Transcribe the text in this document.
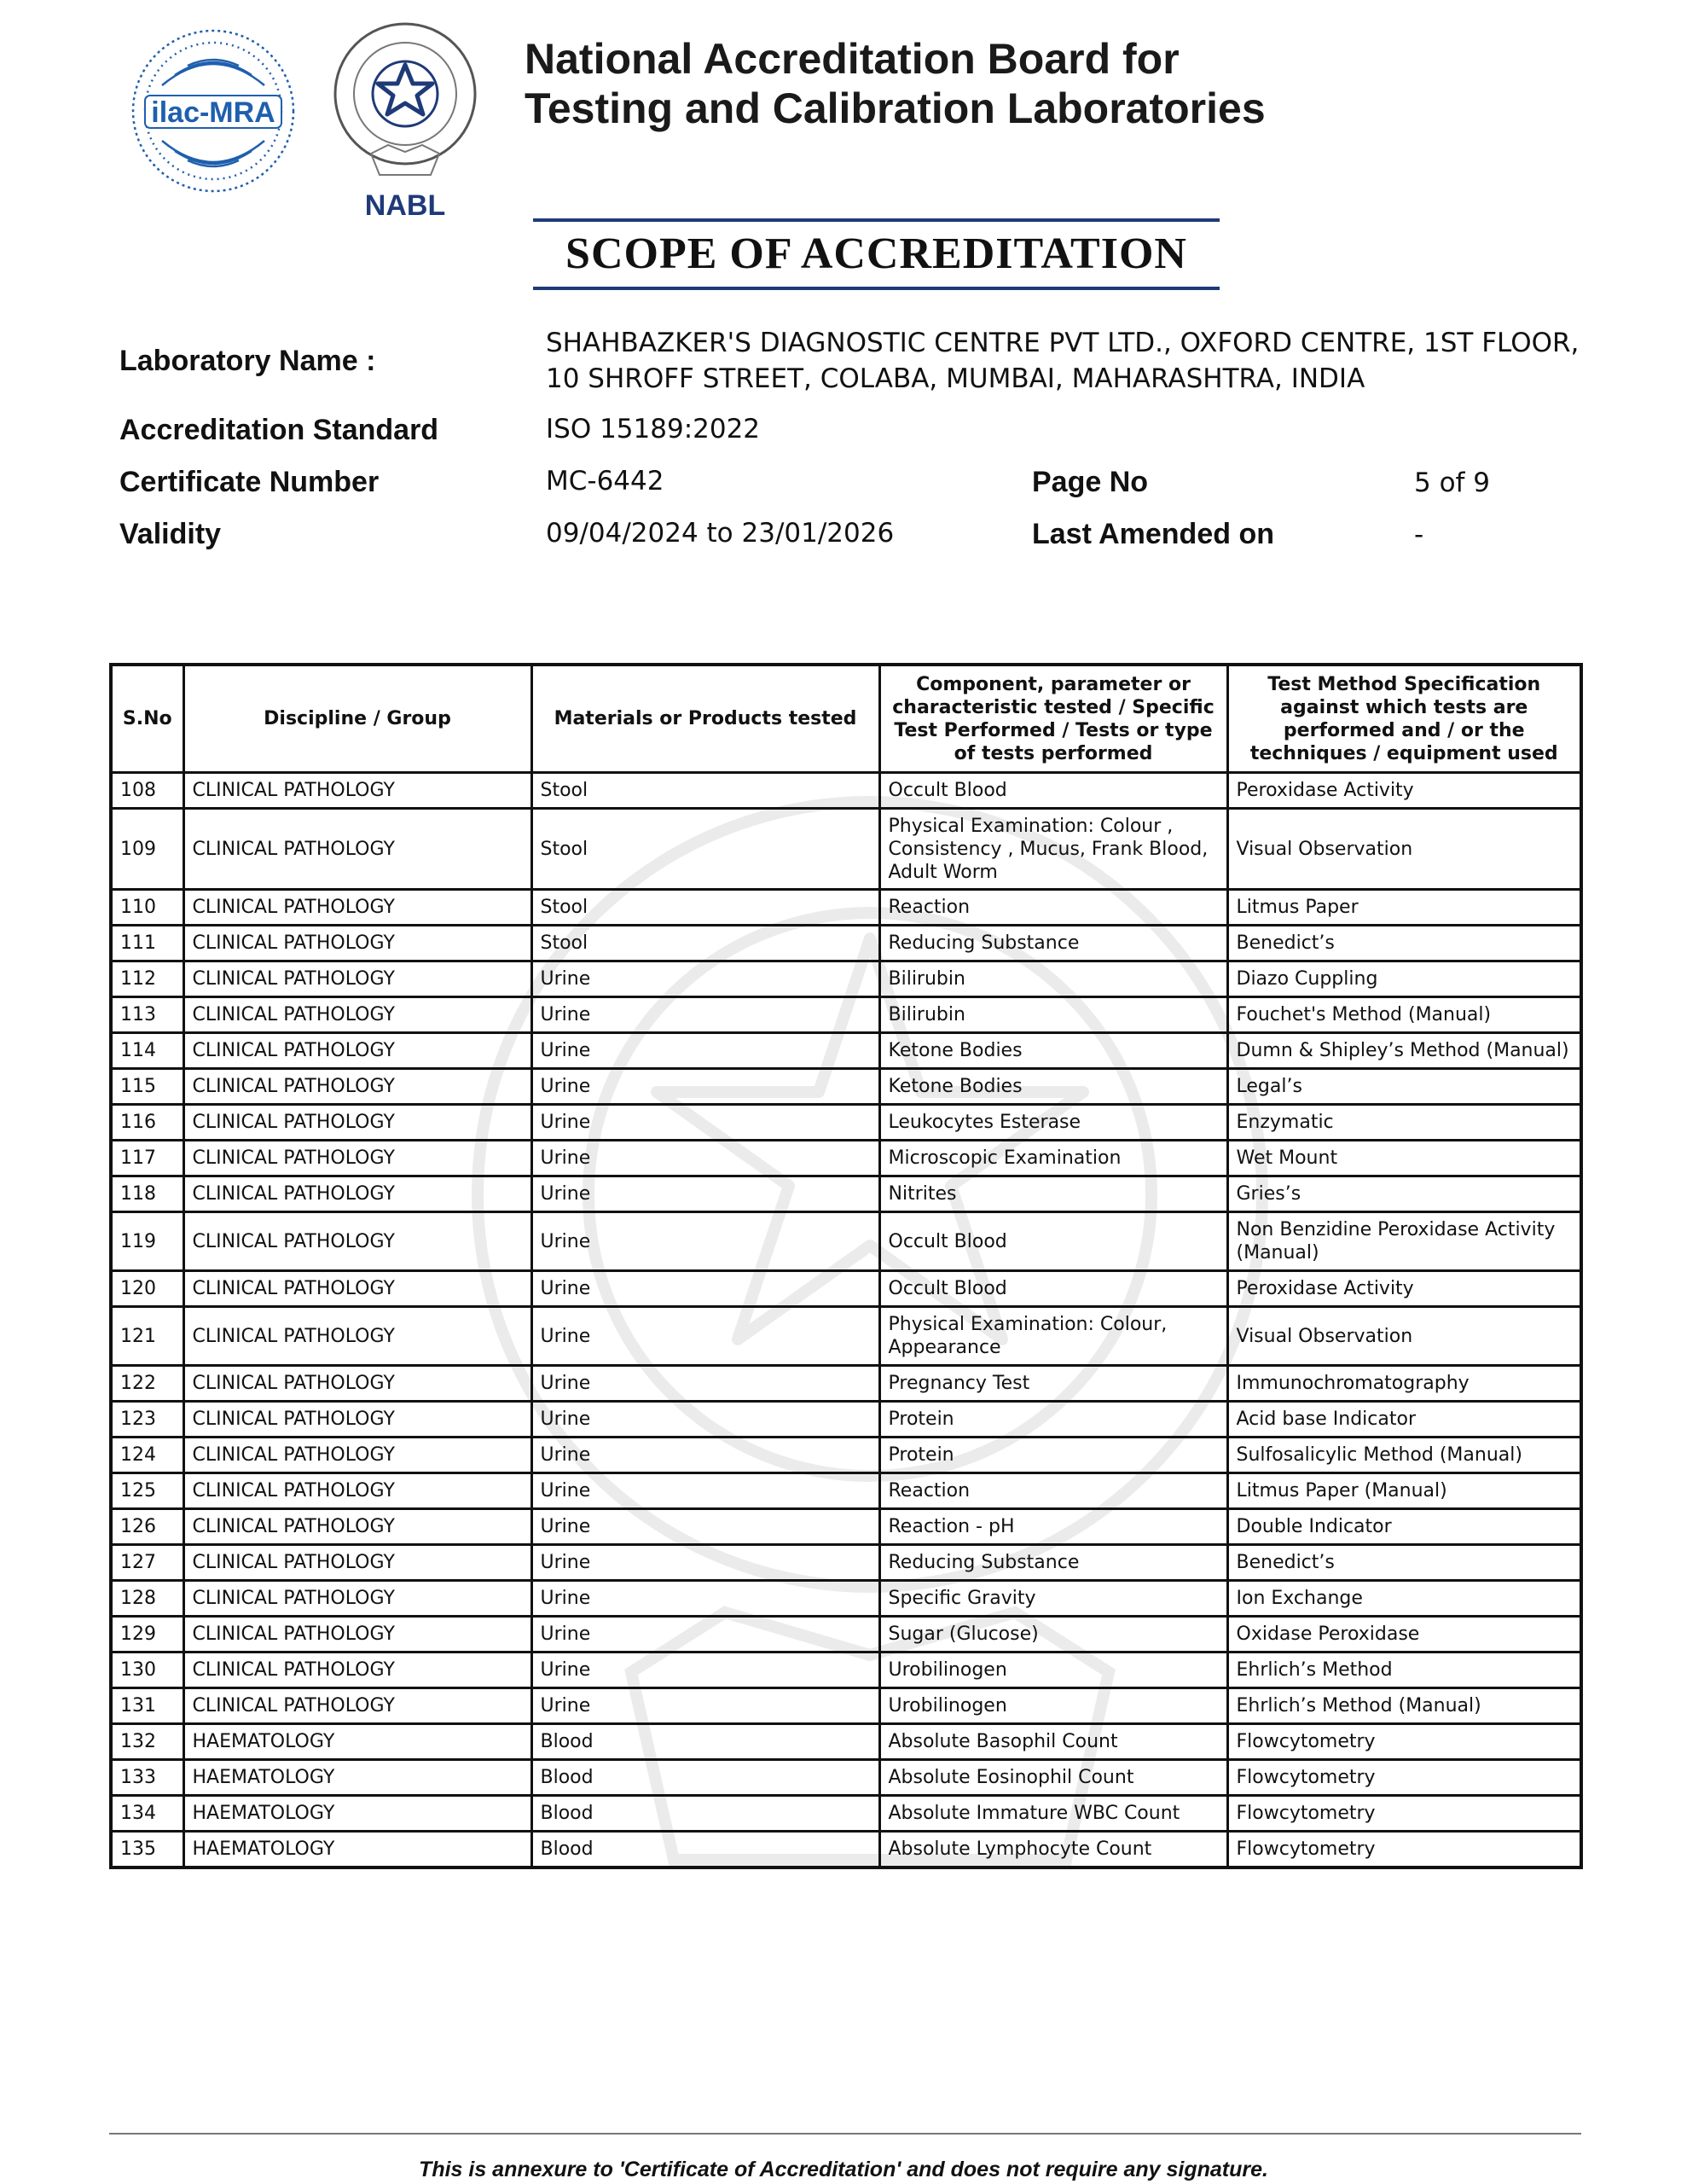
ilac-MRA
NABL
National Accreditation Board for
Testing and Calibration Laboratories
SCOPE OF ACCREDITATION
Laboratory Name :
SHAHBAZKER'S DIAGNOSTIC CENTRE PVT LTD., OXFORD CENTRE, 1ST FLOOR,
10 SHROFF STREET, COLABA, MUMBAI, MAHARASHTRA, INDIA
Accreditation Standard	ISO 15189:2022
Certificate Number	MC-6442	Page No	5 of 9
Validity	09/04/2024 to 23/01/2026	Last Amended on	-
S.No	Discipline / Group	Materials or Products tested	Component, parameter or characteristic tested / Specific Test Performed / Tests or type of tests performed	Test Method Specification against which tests are performed and / or the techniques / equipment used
108	CLINICAL PATHOLOGY	Stool	Occult Blood	Peroxidase Activity
109	CLINICAL PATHOLOGY	Stool	Physical Examination: Colour , Consistency , Mucus, Frank Blood, Adult Worm	Visual Observation
110	CLINICAL PATHOLOGY	Stool	Reaction	Litmus Paper
111	CLINICAL PATHOLOGY	Stool	Reducing Substance	Benedict’s
112	CLINICAL PATHOLOGY	Urine	Bilirubin	Diazo Cuppling
113	CLINICAL PATHOLOGY	Urine	Bilirubin	Fouchet's Method (Manual)
114	CLINICAL PATHOLOGY	Urine	Ketone Bodies	Dumn & Shipley’s Method (Manual)
115	CLINICAL PATHOLOGY	Urine	Ketone Bodies	Legal’s
116	CLINICAL PATHOLOGY	Urine	Leukocytes Esterase	Enzymatic
117	CLINICAL PATHOLOGY	Urine	Microscopic Examination	Wet Mount
118	CLINICAL PATHOLOGY	Urine	Nitrites	Gries’s
119	CLINICAL PATHOLOGY	Urine	Occult Blood	Non Benzidine Peroxidase Activity (Manual)
120	CLINICAL PATHOLOGY	Urine	Occult Blood	Peroxidase Activity
121	CLINICAL PATHOLOGY	Urine	Physical Examination: Colour, Appearance	Visual Observation
122	CLINICAL PATHOLOGY	Urine	Pregnancy Test	Immunochromatography
123	CLINICAL PATHOLOGY	Urine	Protein	Acid base Indicator
124	CLINICAL PATHOLOGY	Urine	Protein	Sulfosalicylic Method (Manual)
125	CLINICAL PATHOLOGY	Urine	Reaction	Litmus Paper (Manual)
126	CLINICAL PATHOLOGY	Urine	Reaction - pH	Double Indicator
127	CLINICAL PATHOLOGY	Urine	Reducing Substance	Benedict’s
128	CLINICAL PATHOLOGY	Urine	Specific Gravity	Ion Exchange
129	CLINICAL PATHOLOGY	Urine	Sugar (Glucose)	Oxidase Peroxidase
130	CLINICAL PATHOLOGY	Urine	Urobilinogen	Ehrlich’s Method
131	CLINICAL PATHOLOGY	Urine	Urobilinogen	Ehrlich’s Method (Manual)
132	HAEMATOLOGY	Blood	Absolute Basophil Count	Flowcytometry
133	HAEMATOLOGY	Blood	Absolute Eosinophil Count	Flowcytometry
134	HAEMATOLOGY	Blood	Absolute Immature WBC Count	Flowcytometry
135	HAEMATOLOGY	Blood	Absolute Lymphocyte Count	Flowcytometry
This is annexure to 'Certificate of Accreditation' and does not require any signature.
